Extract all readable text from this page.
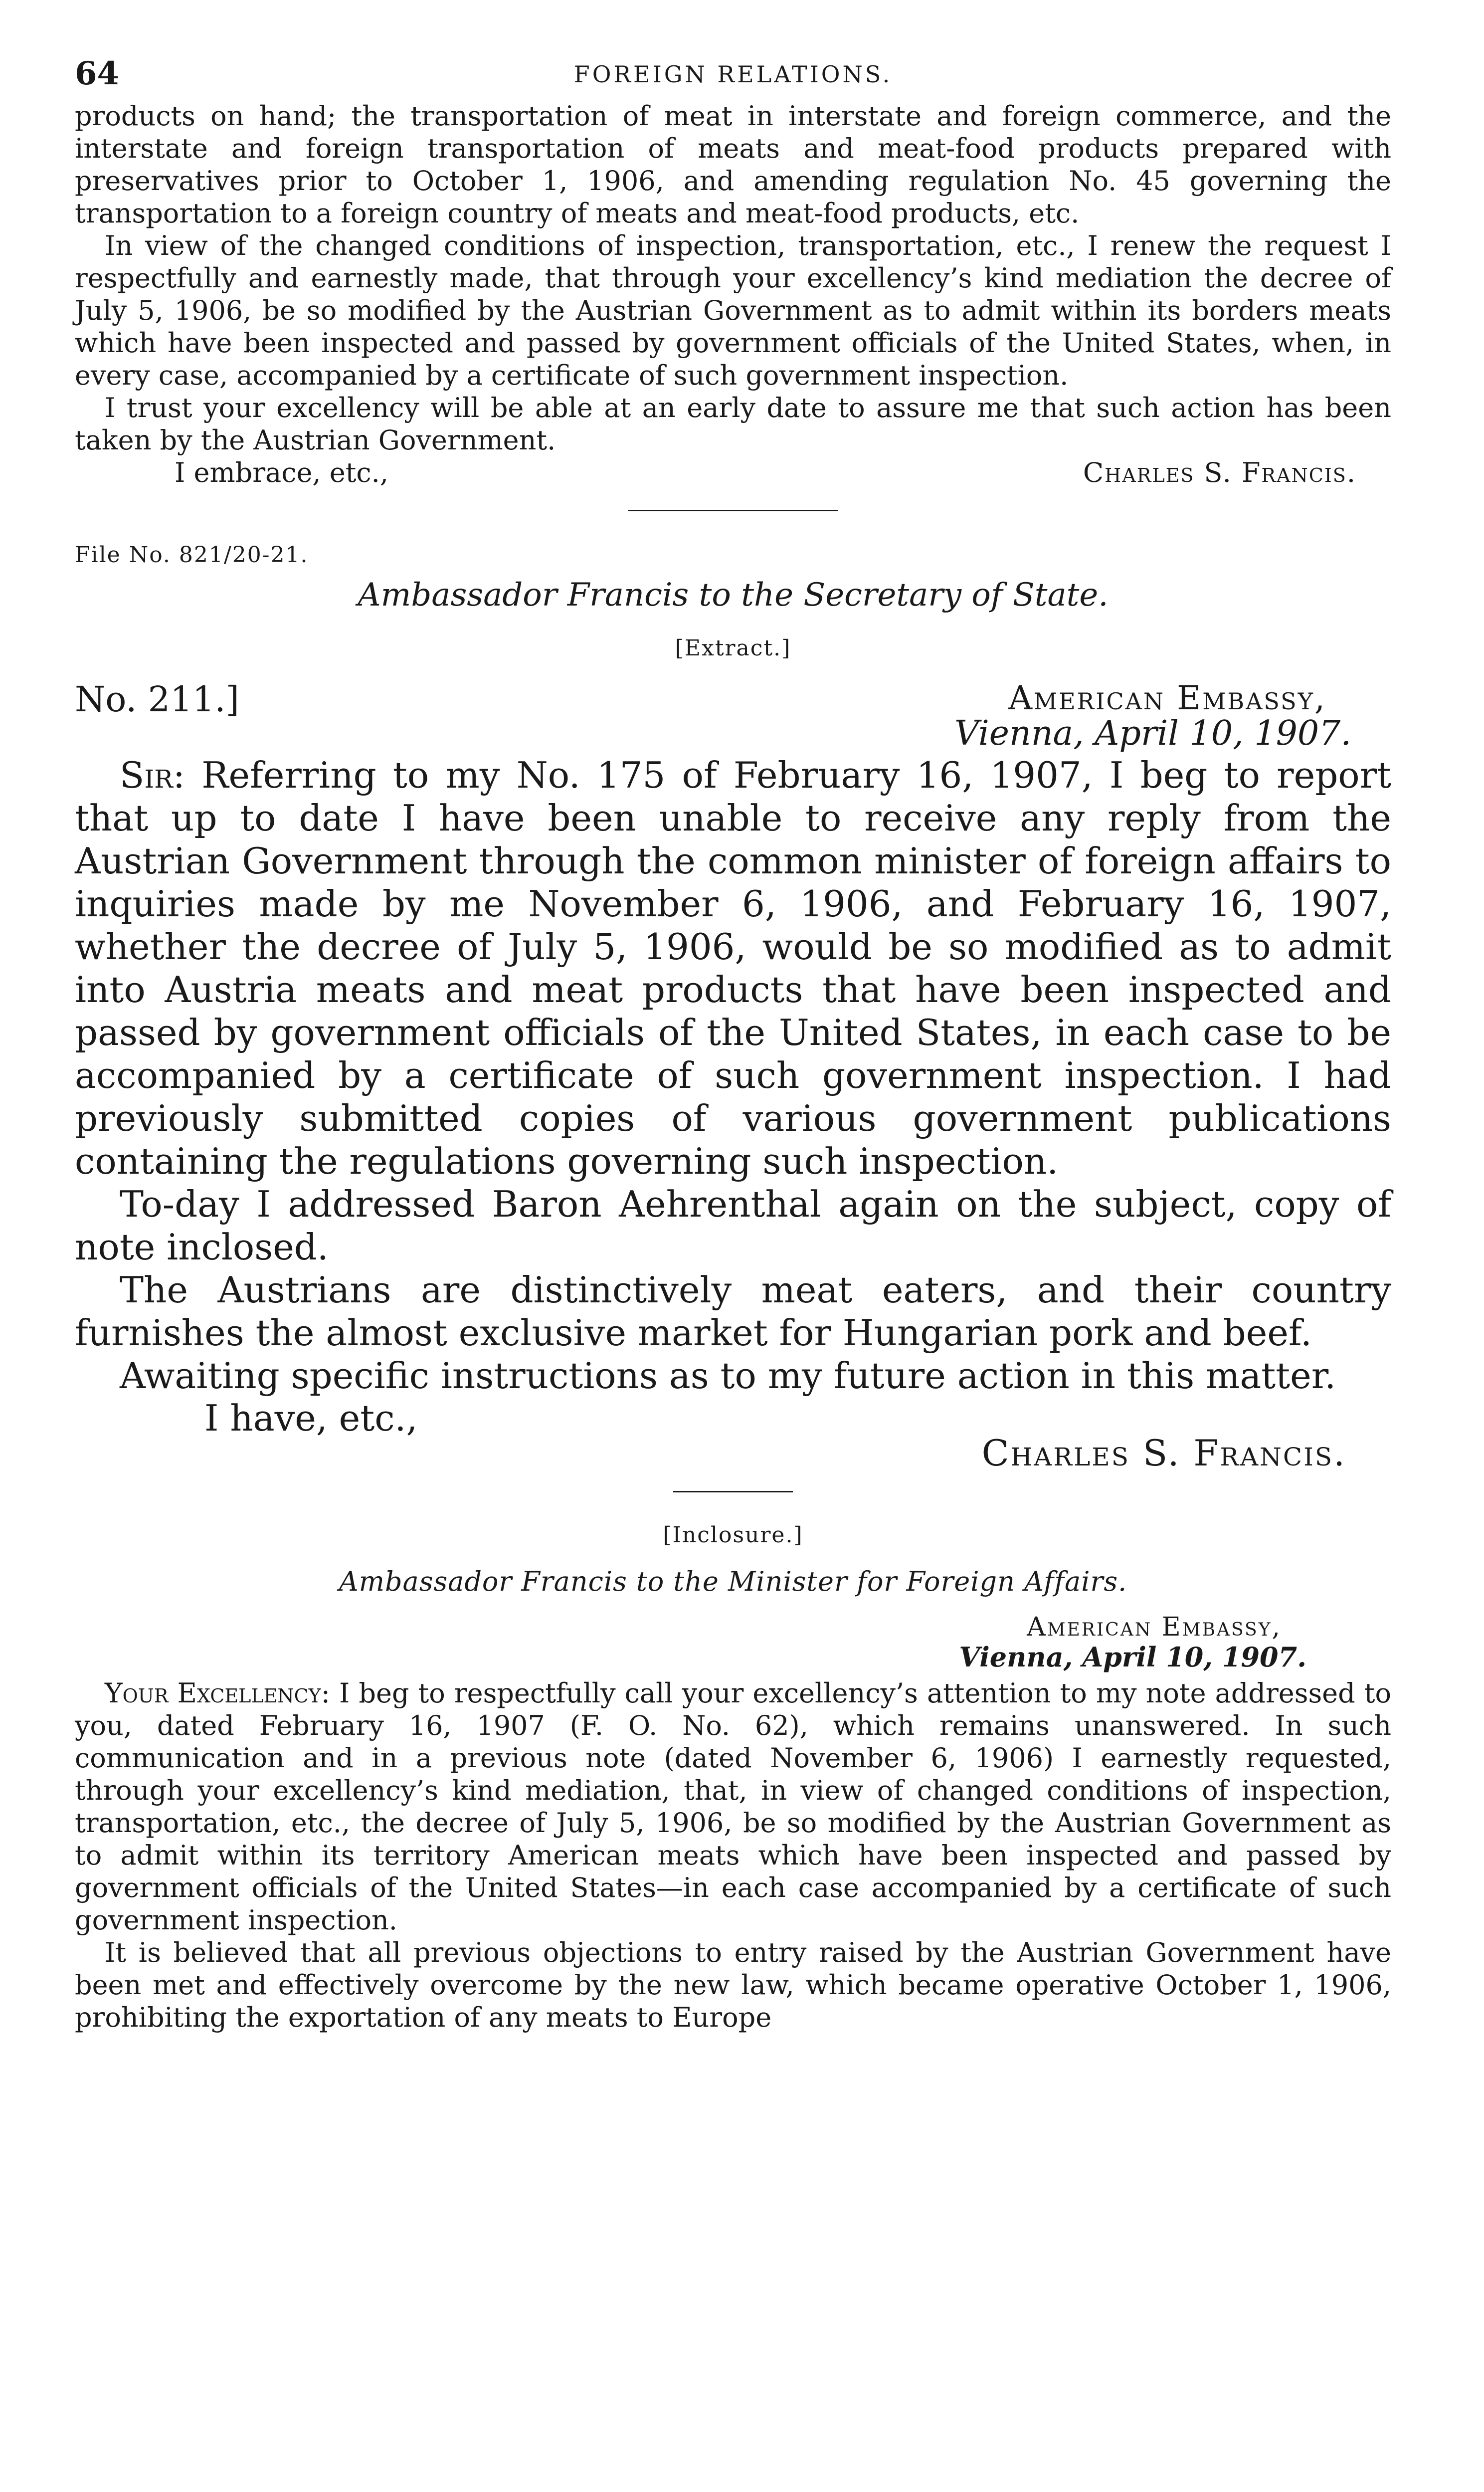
64	FOREIGN RELATIONS.

products on hand; the transportation of meat in interstate and foreign commerce, and the interstate and foreign transportation of meats and meat-food products prepared with preservatives prior to October 1, 1906, and amending regulation No. 45 governing the transportation to a foreign country of meats and meat-food products, etc.

In view of the changed conditions of inspection, transportation, etc., I renew the request I respectfully and earnestly made, that through your excellency’s kind mediation the decree of July 5, 1906, be so modified by the Austrian Government as to admit within its borders meats which have been inspected and passed by government officials of the United States, when, in every case, accompanied by a certificate of such government inspection.

I trust your excellency will be able at an early date to assure me that such action has been taken by the Austrian Government.

I embrace, etc.,	Charles S. Francis.
File No. 821/20-21.
Ambassador Francis to the Secretary of State.
[Extract.]
No. 211.]	American Embassy,
Vienna, April 10, 1907.

Sir: Referring to my No. 175 of February 16, 1907, I beg to report that up to date I have been unable to receive any reply from the Austrian Government through the common minister of foreign affairs to inquiries made by me November 6, 1906, and February 16, 1907, whether the decree of July 5, 1906, would be so modified as to admit into Austria meats and meat products that have been inspected and passed by government officials of the United States, in each case to be accompanied by a certificate of such government inspection. I had previously submitted copies of various government publications containing the regulations governing such inspection.

To-day I addressed Baron Aehrenthal again on the subject, copy of note inclosed.

The Austrians are distinctively meat eaters, and their country furnishes the almost exclusive market for Hungarian pork and beef.

Awaiting specific instructions as to my future action in this matter.

I have, etc.,
Charles S. Francis.
[Inclosure.]
Ambassador Francis to the Minister for Foreign Affairs.
American Embassy,
Vienna, April 10, 1907.

Your Excellency: I beg to respectfully call your excellency’s attention to my note addressed to you, dated February 16, 1907 (F. O. No. 62), which remains unanswered. In such communication and in a previous note (dated November 6, 1906) I earnestly requested, through your excellency’s kind mediation, that, in view of changed conditions of inspection, transportation, etc., the decree of July 5, 1906, be so modified by the Austrian Government as to admit within its territory American meats which have been inspected and passed by government officials of the United States—in each case accompanied by a certificate of such government inspection.

It is believed that all previous objections to entry raised by the Austrian Government have been met and effectively overcome by the new law, which became operative October 1, 1906, prohibiting the exportation of any meats to Europe
